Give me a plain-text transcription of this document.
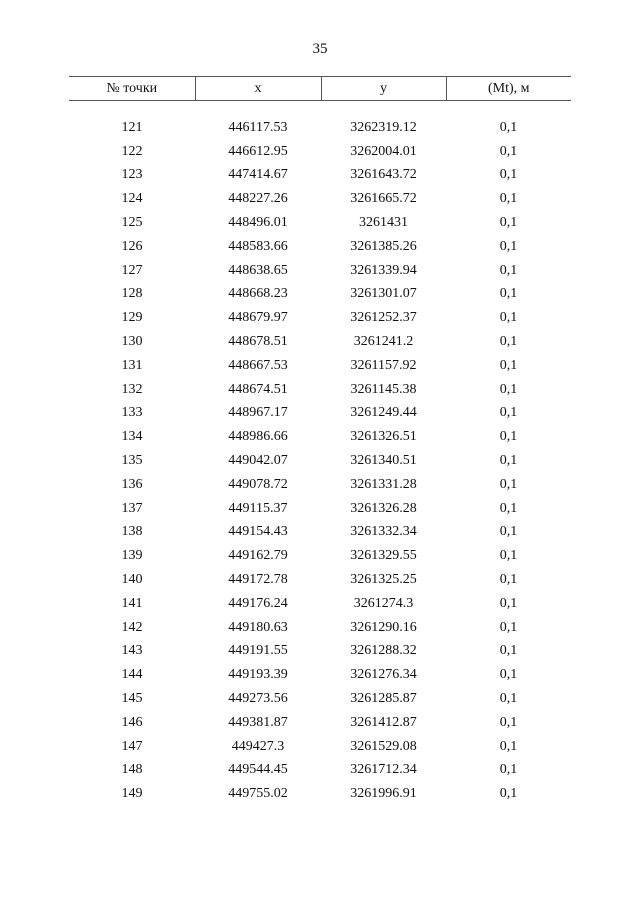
35
№ точки	x	y	(Mt), м

121	446117.53	3262319.12	0,1
122	446612.95	3262004.01	0,1
123	447414.67	3261643.72	0,1
124	448227.26	3261665.72	0,1
125	448496.01	3261431	0,1
126	448583.66	3261385.26	0,1
127	448638.65	3261339.94	0,1
128	448668.23	3261301.07	0,1
129	448679.97	3261252.37	0,1
130	448678.51	3261241.2	0,1
131	448667.53	3261157.92	0,1
132	448674.51	3261145.38	0,1
133	448967.17	3261249.44	0,1
134	448986.66	3261326.51	0,1
135	449042.07	3261340.51	0,1
136	449078.72	3261331.28	0,1
137	449115.37	3261326.28	0,1
138	449154.43	3261332.34	0,1
139	449162.79	3261329.55	0,1
140	449172.78	3261325.25	0,1
141	449176.24	3261274.3	0,1
142	449180.63	3261290.16	0,1
143	449191.55	3261288.32	0,1
144	449193.39	3261276.34	0,1
145	449273.56	3261285.87	0,1
146	449381.87	3261412.87	0,1
147	449427.3	3261529.08	0,1
148	449544.45	3261712.34	0,1
149	449755.02	3261996.91	0,1
